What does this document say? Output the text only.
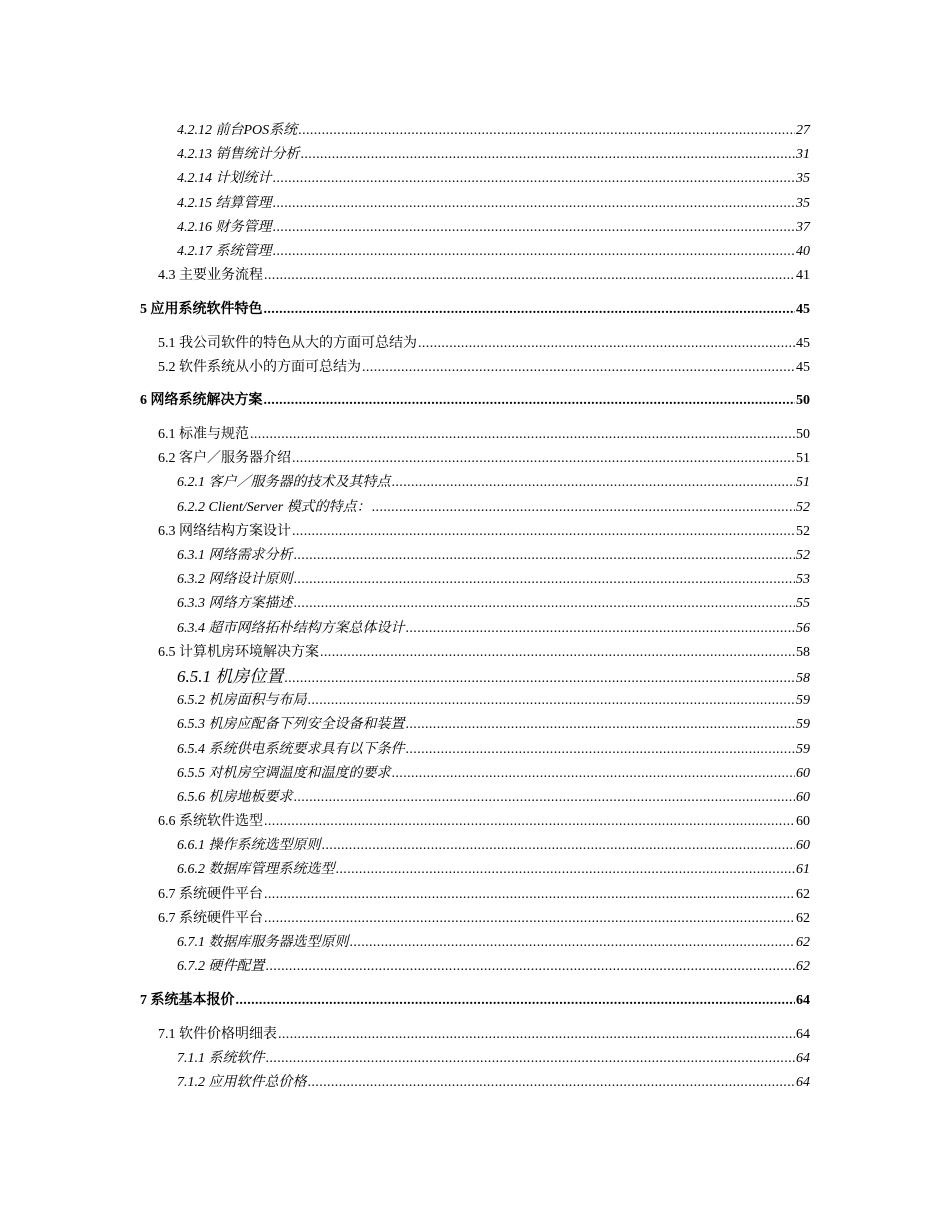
4.2.12 前台POS系统 .....	27
4.2.13 销售统计分析 .....	31
4.2.14 计划统计 .....	35
4.2.15 结算管理 .....	35
4.2.16 财务管理 .....	37
4.2.17 系统管理 .....	40
4.3 主要业务流程 .....	41
5 应用系统软件特色 .....	45
5.1 我公司软件的特色从大的方面可总结为 .....	45
5.2 软件系统从小的方面可总结为 .....	45
6 网络系统解决方案 .....	50
6.1 标准与规范 .....	50
6.2 客户／服务器介绍 .....	51
6.2.1 客户／服务器的技术及其特点 .....	51
6.2.2 Client/Server 模式的特点： .....	52
6.3 网络结构方案设计 .....	52
6.3.1 网络需求分析 .....	52
6.3.2 网络设计原则 .....	53
6.3.3 网络方案描述 .....	55
6.3.4 超市网络拓朴结构方案总体设计 .....	56
6.5 计算机房环境解决方案 .....	58
6.5.1 机房位置 .....	58
6.5.2 机房面积与布局 .....	59
6.5.3 机房应配备下列安全设备和装置 .....	59
6.5.4 系统供电系统要求具有以下条件 .....	59
6.5.5 对机房空调温度和温度的要求 .....	60
6.5.6 机房地板要求 .....	60
6.6 系统软件选型 .....	60
6.6.1 操作系统选型原则 .....	60
6.6.2 数据库管理系统选型 .....	61
6.7 系统硬件平台 .....	62
6.7 系统硬件平台 .....	62
6.7.1 数据库服务器选型原则 .....	62
6.7.2 硬件配置 .....	62
7 系统基本报价 .....	64
7.1 软件价格明细表 .....	64
7.1.1 系统软件 .....	64
7.1.2 应用软件总价格 .....	64
